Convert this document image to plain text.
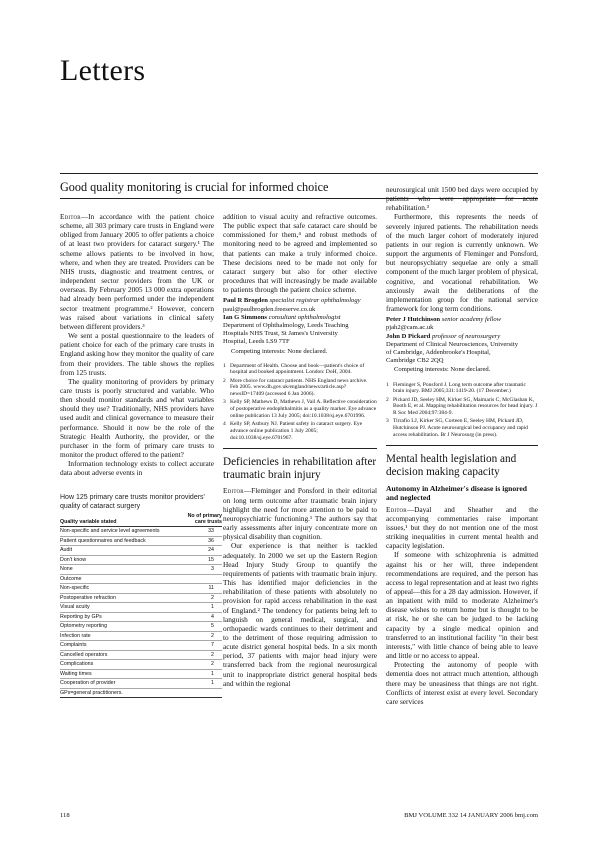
Letters
Good quality monitoring is crucial for informed choice

Editor—In accordance with the patient choice scheme, all 303 primary care trusts in England were obliged from January 2005 to offer patients a choice of at least two providers for cataract surgery.¹ The scheme allows patients to be involved in how, where, and when they are treated. Providers can be NHS trusts, diagnostic and treatment centres, or independent sector providers from the UK or overseas. By February 2005 13 000 extra operations had already been performed under the independent sector treatment programme.² However, concern was raised about variations in clinical safety between different providers.³

We sent a postal questionnaire to the leaders of patient choice for each of the primary care trusts in England asking how they monitor the quality of care from their providers. The table shows the replies from 125 trusts.

The quality monitoring of providers by primary care trusts is poorly structured and variable. Who then should monitor standards and what variables should they use? Traditionally, NHS providers have used audit and clinical governance to measure their performance. Should it now be the role of the Strategic Health Authority, the provider, or the purchaser in the form of primary care trusts to monitor the product offered to the patient?

Information technology exists to collect accurate data about adverse events in

How 125 primary care trusts monitor providers' quality of cataract surgery
Quality variable stated
No of primary care trusts
Non-specific and service level agreements	33
Patient questionnaires and feedback	36
Audit	24
Don't know	15
None	3
Outcome
Non-specific	11
Postoperative refraction	2
Visual acuity	1
Reporting by GPs	4
Optometry reporting	5
Infection rate	2
Complaints	7
Cancelled operators	2
Complications	2
Waiting times	1
Cooperation of provider	1
GPs=general practitioners.

addition to visual acuity and refractive outcomes. The public expect that safe cataract care should be commissioned for them,⁴ and robust methods of monitoring need to be agreed and implemented so that patients can make a truly informed choice. These decisions need to be made not only for cataract surgery but also for other elective procedures that will increasingly be made available to patients through the patient choice scheme.

Paul R Brogden specialist registrar ophthalmology

paul@paulbrogden.freeserve.co.uk

Ian G Simmons consultant ophthalmologist

Department of Ophthalmology, Leeds Teaching

Hospitals NHS Trust, St James's University

Hospital, Leeds LS9 7TF

Competing interests: None declared.

1 Department of Health. Choose and book—patient's choice of hospital and booked appointment. London: DoH, 2004.
2 More choice for cataract patients. NHS England news archive. Feb 2005. www.dh.gov.uk/england/news/article.asp?newsID=17409 (accessed 6 Jan 2006).
3 Kelly SP, Mathews D, Mathews J, Vail A. Reflective consideration of postoperative endophthalmitis as a quality marker. Eye advance online publication 13 July 2005; doi:10.1038/sj.eye.6701996.
4 Kelly SP, Astbury NJ. Patient safety in cataract surgery. Eye advance online publication 1 July 2005; doi:10.1038/sj.eye.6701967.
Deficiencies in rehabilitation after traumatic brain injury

Editor—Fleminger and Ponsford in their editorial on long term outcome after traumatic brain injury highlight the need for more attention to be paid to neuropsychiatric functioning.¹ The authors say that early assessments after injury concentrate more on physical disability than cognition.

Our experience is that neither is tackled adequately. In 2000 we set up the Eastern Region Head Injury Study Group to quantify the requirements of patients with traumatic brain injury. This has identified major deficiencies in the rehabilitation of these patients with absolutely no provision for rapid access rehabilitation in the east of England.² The tendency for patients being left to languish on general medical, surgical, and orthopaedic wards continues to their detriment and to the detriment of those requiring admission to acute district general hospital beds. In a six month period, 37 patients with major head injury were transferred back from the regional neurosurgical unit to inappropriate district general hospital beds and within the regional

neurosurgical unit 1500 bed days were occupied by patients who were appropriate for acute rehabilitation.³

Furthermore, this represents the needs of severely injured patients. The rehabilitation needs of the much larger cohort of moderately injured patients in our region is currently unknown. We support the arguments of Fleminger and Ponsford, but neuropsychiatry sequelae are only a small component of the much larger problem of physical, cognitive, and vocational rehabilitation. We anxiously await the deliberations of the implementation group for the national service framework for long term conditions.

Peter J Hutchinson senior academy fellow

pjah2@cam.ac.uk

John D Pickard professor of neurosurgery

Department of Clinical Neurosciences, University

of Cambridge, Addenbrooke's Hospital,

Cambridge CB2 2QQ

Competing interests: None declared.

1 Fleminger S, Ponsford J. Long term outcome after traumatic brain injury. BMJ 2005;331:1419-20. (17 December.)
2 Pickard JD, Seeley HM, Kirker SG, Maimaris C, McGlashan K, Booth E, et al. Mapping rehabilitation resources for head injury. J R Soc Med 2004;97:384-9.
3 Tirrafio LJ, Kirker SG, Corteen E, Seeley HM, Pickard JD, Hutchinson PJ. Acute neurosurgical bed occupancy and rapid access rehabilitation. Br J Neurosurg (in press).
Mental health legislation and decision making capacity
Autonomy in Alzheimer's disease is ignored and neglected

Editor—Dayal and Sheather and the accompanying commentaries raise important issues,¹ but they do not mention one of the most striking inequalities in current mental health and capacity legislation.

If someone with schizophrenia is admitted against his or her will, three independent recommendations are required, and the person has access to legal representation and at least two rights of appeal—this for a 28 day admission. However, if an inpatient with mild to moderate Alzheimer's disease wishes to return home but is thought to be at risk, he or she can be judged to be lacking capacity by a single medical opinion and transferred to an institutional facility "in their best interests," with little chance of being able to leave and little or no access to appeal.

Protecting the autonomy of people with dementia does not attract much attention, although there may be uneasiness that things are not right. Conflicts of interest exist at every level. Secondary care services

118	BMJ VOLUME 332 14 JANUARY 2006 bmj.com
